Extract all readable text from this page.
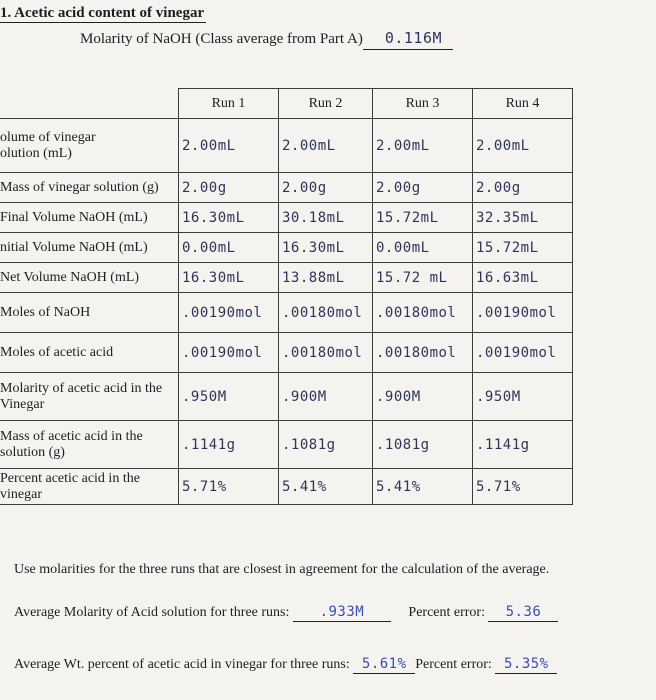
1. Acetic acid content of vinegar
Molarity of NaOH (Class average from Part A) 0.116M
	Run 1	Run 2	Run 3	Run 4
olume of vinegar
olution (mL)	2.00mL	2.00mL	2.00mL	2.00mL
Mass of vinegar solution (g)	2.00g	2.00g	2.00g	2.00g
Final Volume NaOH (mL)	16.30mL	30.18mL	15.72mL	32.35mL
nitial Volume NaOH (mL)	0.00mL	16.30mL	0.00mL	15.72mL
Net Volume NaOH (mL)	16.30mL	13.88mL	15.72 mL	16.63mL
Moles of NaOH	.00190mol	.00180mol	.00180mol	.00190mol
Moles of acetic acid	.00190mol	.00180mol	.00180mol	.00190mol
Molarity of acetic acid in the
Vinegar	.950M	.900M	.900M	.950M
Mass of acetic acid in the
solution (g)	.1141g	.1081g	.1081g	.1141g
Percent acetic acid in the
vinegar	5.71%	5.41%	5.41%	5.71%
Use molarities for the three runs that are closest in agreement for the calculation of the average.
Average Molarity of Acid solution for three runs: .933M	Percent error: 5.36
Average Wt. percent of acetic acid in vinegar for three runs: 5.61% Percent error: 5.35%
